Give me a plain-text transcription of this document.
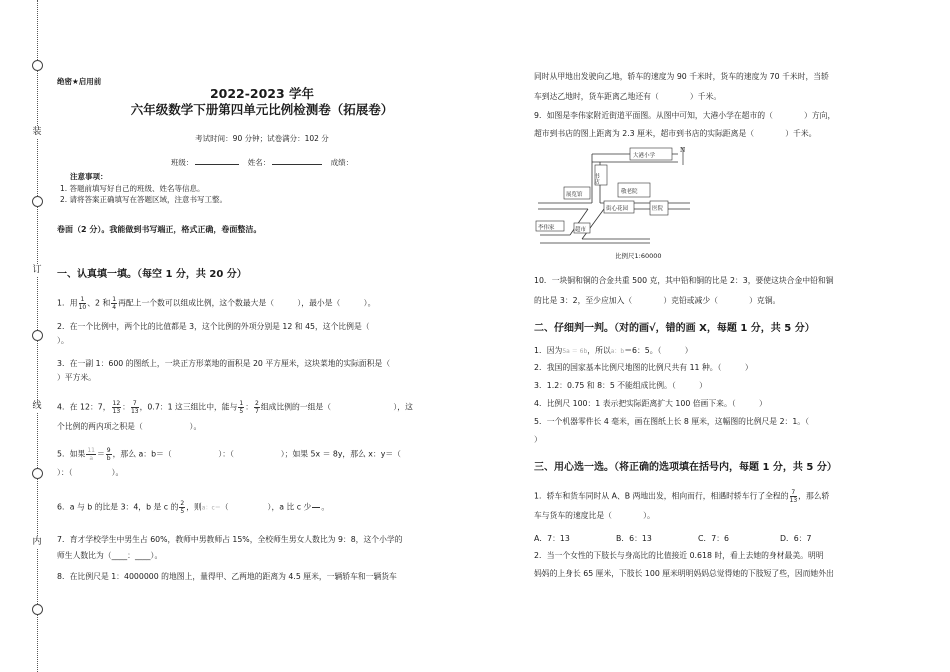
装
订
线
内
绝密★启用前
2022-2023 学年
六年级数学下册第四单元比例检测卷（拓展卷）
考试时间：90 分钟；试卷满分：102 分
班级：	姓名：	成绩：
注意事项：
1. 答题前填写好自己的班级、姓名等信息。
2. 请将答案正确填写在答题区域，注意书写工整。
卷面（2 分）。我能做到书写端正，格式正确，卷面整洁。
一、认真填一填。（每空 1 分，共 20 分）
1．用 $\frac{1}{10}$ 、2 和 $\frac{1}{4}$ 再配上一个数可以组成比例，这个数最大是（　　　），最小是（　　　）。
2．在一个比例中，两个比的比值都是 3，这个比例的外项分别是 12 和 45，这个比例是（
）。
3．在一副 1：600 的图纸上，一块正方形菜地的面积是 20 平方厘米，这块菜地的实际面积是（
）平方米。
4．在 12：7， $\frac{12}{13}$ ： $\frac{7}{13}$ ，0.7：1 这三组比中，能与 $\frac{1}{5}$ ： $\frac{2}{7}$ 组成比例的一组是（　　　　　　　　），这
个比例的两内项之积是（　　　　　　）。
5．如果 $\frac{11}{a} = \frac{9}{b}$ ，那么 a：b＝（　　　　　　）：（　　　　　　）；如果 5x ＝ 8y，那么 x：y＝（
）：（　　　　　）。
6．a 与 b 的比是 3：4，b 是 c 的 $\frac{2}{5}$ ，则a：c＝（　　　　　），a 比 c 少

　 。
7．育才学校学生中男生占 60%，教师中男教师占 15%，全校师生男女人数比为 9：8，这个小学的
师生人数比为（____：____）。
8．在比例尺是 1：4000000 的地图上，量得甲、乙两地的距离为 4.5 厘米，一辆轿车和一辆货车
同时从甲地出发驶向乙地，轿车的速度为 90 千米时，货车的速度为 70 千米时，当轿
车到达乙地时，货车距离乙地还有（　　　　）千米。
9．如图是李伟家附近街道平面图。从图中可知，大港小学在超市的（　　　　）方向，
超市到书店的图上距离为 2.3 厘米，超市到书店的实际距离是（　　　　）千米。
大港小学
书店
敬老院
展览馆
街心花园	医院
李伟家	超市
N
比例尺1:60000
10．一块铜和铜的合金共重 500 克，其中铅和铜的比是 2：3，要使这块合金中铅和铜
的比是 3：2，至少应加入（　　　　）克铅或减少（　　　　）克铜。
二、仔细判一判。（对的画√，错的画 X，每题 1 分，共 5 分）
1．因为5a ＝ 6b，所以a：b＝6：5。（　　　）
2．我国的国家基本比例尺地图的比例尺共有 11 种。（　　　）
3．1.2：0.75 和 8：5 不能组成比例。（　　　）
4．比例尺 100：1 表示把实际距离扩大 100 倍画下来。（　　　）
5．一个机器零件长 4 毫米，画在图纸上长 8 厘米，这幅图的比例尺是 2：1。（
）
三、用心选一选。（将正确的选项填在括号内，每题 1 分，共 5 分）
1．轿车和货车同时从 A、B 两地出发，相向而行，相遇时轿车行了全程的 $\frac{7}{13}$ ，那么轿
车与货车的速度比是（　　　　）。
A．7：13	B．6：13	C．7：6	D．6：7
2．当一个女性的下肢长与身高比的比值接近 0.618 时，看上去她的身材最美。明明
妈妈的上身长 65 厘米，下肢长 100 厘米明明妈妈总觉得她的下肢短了些，因而她外出
